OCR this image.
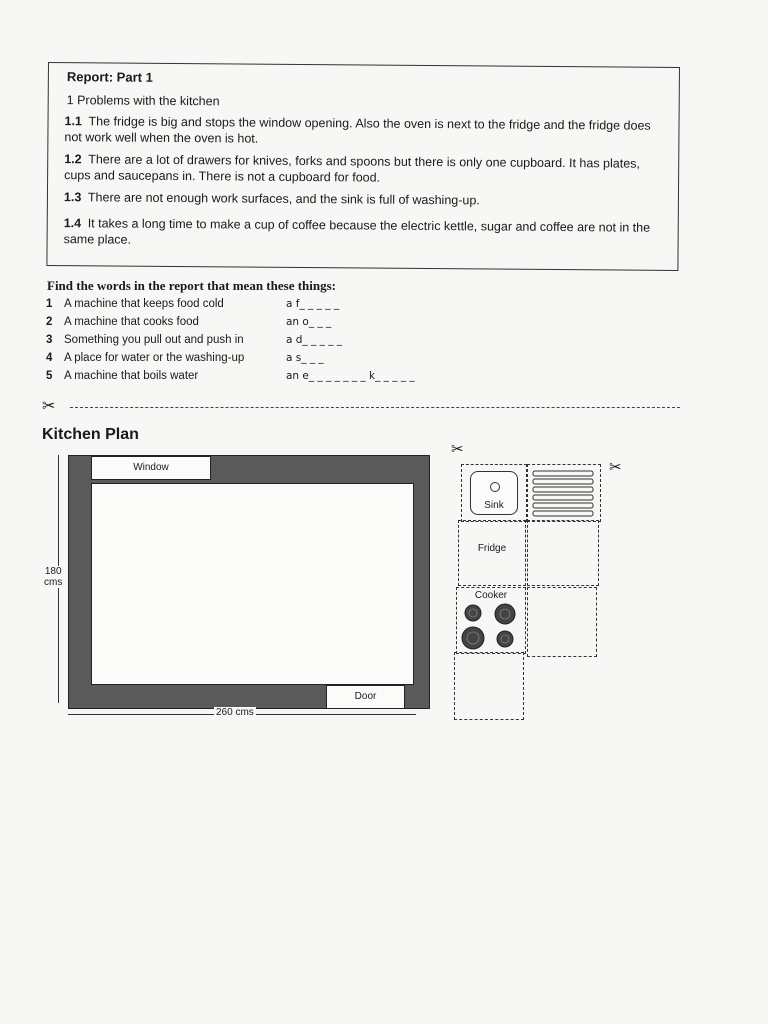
Report: Part 1
1 Problems with the kitchen
1.1 The fridge is big and stops the window opening. Also the oven is next to the fridge and the fridge does not work well when the oven is hot.
1.2 There are a lot of drawers for knives, forks and spoons but there is only one cupboard. It has plates, cups and saucepans in. There is not a cupboard for food.
1.3 There are not enough work surfaces, and the sink is full of washing-up.
1.4 It takes a long time to make a cup of coffee because the electric kettle, sugar and coffee are not in the same place.
Find the words in the report that mean these things:
1 A machine that keeps food cold	a f_ _ _ _ _
2 A machine that cooks food	an o_ _ _
3 Something you pull out and push in	a d_ _ _ _ _
4 A place for water or the washing-up	a s_ _ _
5 A machine that boils water	an e_ _ _ _ _ _ _ k_ _ _ _ _
✂
Kitchen Plan
180
cms
Window
Door
260 cms
✂
✂
Sink
Fridge
Cooker
